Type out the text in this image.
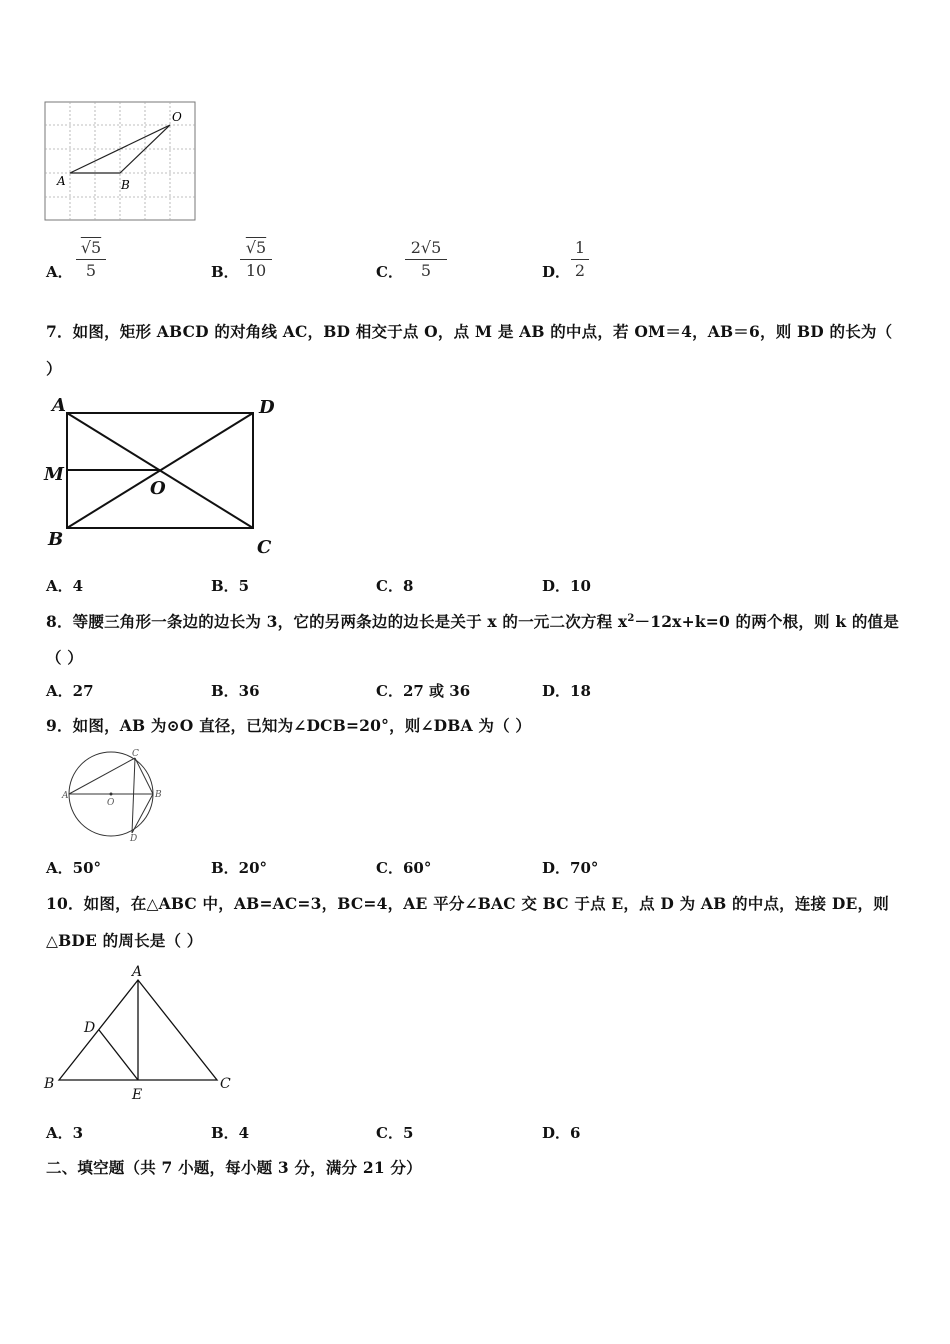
O
A	B
A．
√5
5	B．
√5
10	C．
2√5
5	D．
1
2
7．如图，矩形 ABCD 的对角线 AC，BD 相交于点 O，点 M 是 AB 的中点，若 OM＝4，AB＝6，则 BD 的长为（
）
A	D
M
O
B	C
A．4	B．5	C．8	D．10
8．等腰三角形一条边的边长为 3，它的另两条边的边长是关于 x 的一元二次方程 $x^2-12x+k=0$ 的两个根，则 k 的值是
（ ）
A．27	B．36	C．27 或 36	D．18
9．如图，AB 为⊙O 直径，已知为∠DCB=20°，则∠DBA 为（ ）
A
O
B
C
D
A．50°	B．20°	C．60°	D．70°
10．如图，在△ABC 中，AB=AC=3，BC=4，AE 平分∠BAC 交 BC 于点 E，点 D 为 AB 的中点，连接 DE，则
△BDE 的周长是（ ）
A
D
B
E
C
A．3	B．4	C．5	D．6
二、填空题（共 7 小题，每小题 3 分，满分 21 分）
